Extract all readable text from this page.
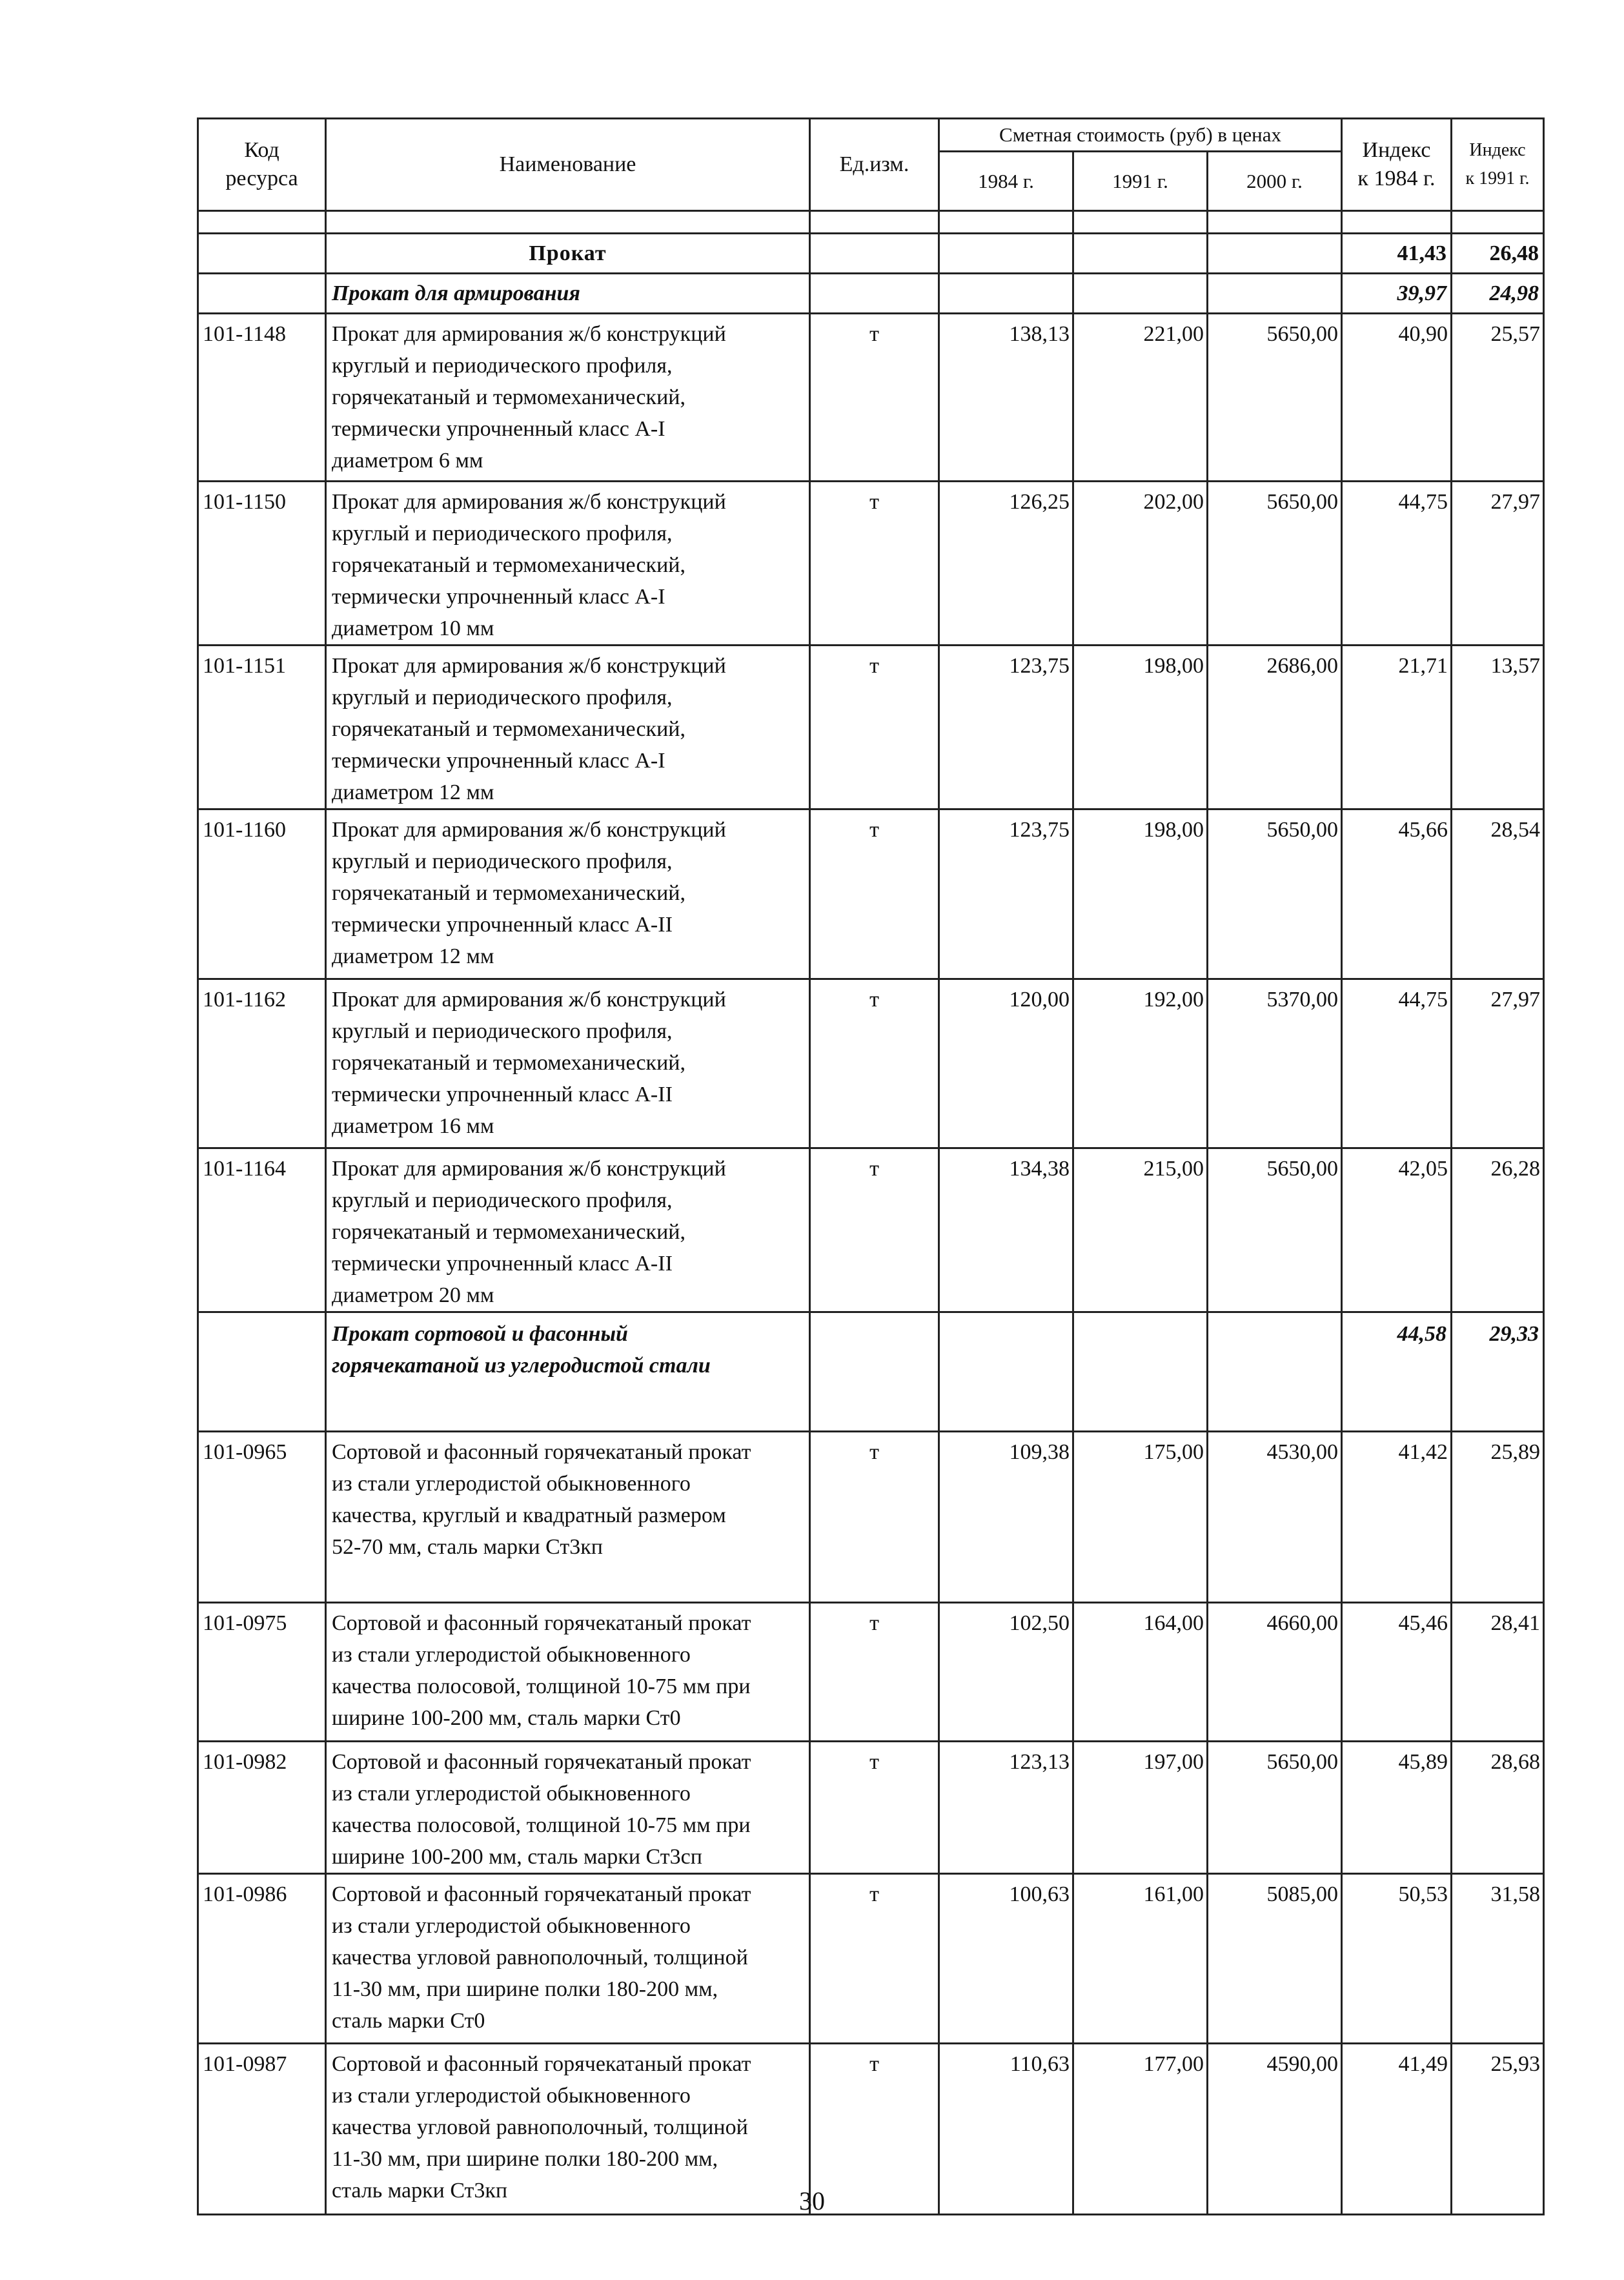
Код
ресурса	Наименование	Ед.изм.	Сметная стоимость (руб) в ценах			Индекс
к 1984 г.	Индекс
к 1991 г.
			1984 г.	1991 г.	2000 г.		

	Прокат					41,43	26,48
	Прокат для армирования					39,97	24,98
101-1148	Прокат для армирования ж/б конструкций
круглый и периодического профиля,
горячекатаный и термомеханический,
термически упрочненный класс А-I
диаметром 6 мм	т	138,13	221,00	5650,00	40,90	25,57
101-1150	Прокат для армирования ж/б конструкций
круглый и периодического профиля,
горячекатаный и термомеханический,
термически упрочненный класс А-I
диаметром 10 мм	т	126,25	202,00	5650,00	44,75	27,97
101-1151	Прокат для армирования ж/б конструкций
круглый и периодического профиля,
горячекатаный и термомеханический,
термически упрочненный класс А-I
диаметром 12 мм	т	123,75	198,00	2686,00	21,71	13,57
101-1160	Прокат для армирования ж/б конструкций
круглый и периодического профиля,
горячекатаный и термомеханический,
термически упрочненный класс А-II
диаметром 12 мм	т	123,75	198,00	5650,00	45,66	28,54
101-1162	Прокат для армирования ж/б конструкций
круглый и периодического профиля,
горячекатаный и термомеханический,
термически упрочненный класс А-II
диаметром 16 мм	т	120,00	192,00	5370,00	44,75	27,97
101-1164	Прокат для армирования ж/б конструкций
круглый и периодического профиля,
горячекатаный и термомеханический,
термически упрочненный класс А-II
диаметром 20 мм	т	134,38	215,00	5650,00	42,05	26,28
	Прокат сортовой и фасонный
горячекатаной из углеродистой стали					44,58	29,33
101-0965	Сортовой и фасонный горячекатаный прокат
из стали углеродистой обыкновенного
качества, круглый и квадратный размером
52-70 мм, сталь марки Ст3кп	т	109,38	175,00	4530,00	41,42	25,89
101-0975	Сортовой и фасонный горячекатаный прокат
из стали углеродистой обыкновенного
качества полосовой, толщиной 10-75 мм при
ширине 100-200 мм, сталь марки Ст0	т	102,50	164,00	4660,00	45,46	28,41
101-0982	Сортовой и фасонный горячекатаный прокат
из стали углеродистой обыкновенного
качества полосовой, толщиной 10-75 мм при
ширине 100-200 мм, сталь марки Ст3сп	т	123,13	197,00	5650,00	45,89	28,68
101-0986	Сортовой и фасонный горячекатаный прокат
из стали углеродистой обыкновенного
качества угловой равнополочный, толщиной
11-30 мм, при ширине полки 180-200 мм,
сталь марки Ст0	т	100,63	161,00	5085,00	50,53	31,58
101-0987	Сортовой и фасонный горячекатаный прокат
из стали углеродистой обыкновенного
качества угловой равнополочный, толщиной
11-30 мм, при ширине полки 180-200 мм,
сталь марки Ст3кп	т	110,63	177,00	4590,00	41,49	25,93
30
